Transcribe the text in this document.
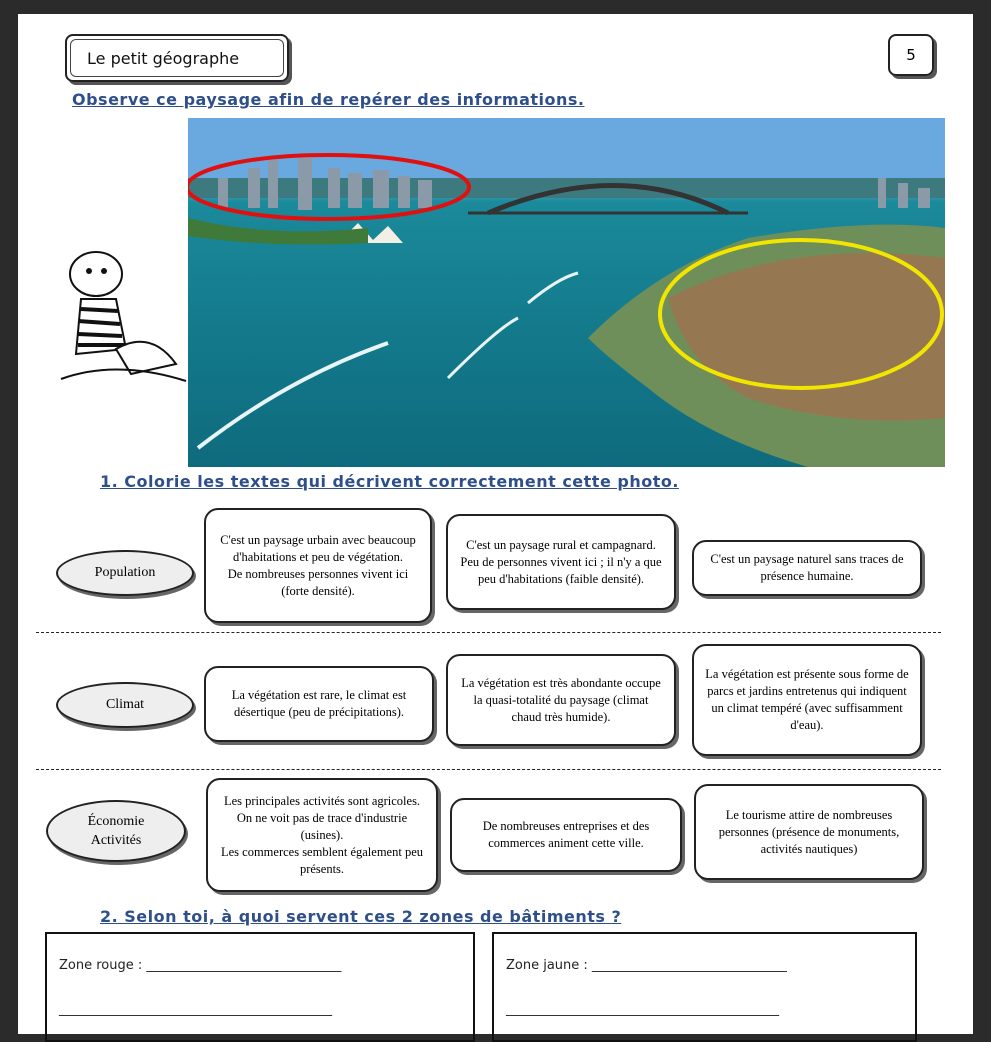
Le petit géographe	5
Observe ce paysage afin de repérer des informations.
1. Colorie les textes qui décrivent correctement cette photo.
Population
C'est un paysage urbain avec beaucoup d'habitations et peu de végétation.
De nombreuses personnes vivent ici (forte densité).
C'est un paysage rural et campagnard. Peu de personnes vivent ici ; il n'y a que peu d'habitations (faible densité).
C'est un paysage naturel sans traces de présence humaine.
Climat
La végétation est rare, le climat est désertique (peu de précipitations).
La végétation est très abondante occupe la quasi-totalité du paysage (climat chaud très humide).
La végétation est présente sous forme de parcs et jardins entretenus qui indiquent un climat tempéré (avec suffisamment d'eau).
Économie
Activités
Les principales activités sont agricoles. On ne voit pas de trace d'industrie (usines).
Les commerces semblent également peu présents.
De nombreuses entreprises et des commerces animent cette ville.
Le tourisme attire de nombreuses personnes (présence de monuments, activités nautiques)
2. Selon toi, à quoi servent ces 2 zones de bâtiments ?
Zone rouge : ______________________________
__________________________________________
Zone jaune : ______________________________
__________________________________________
